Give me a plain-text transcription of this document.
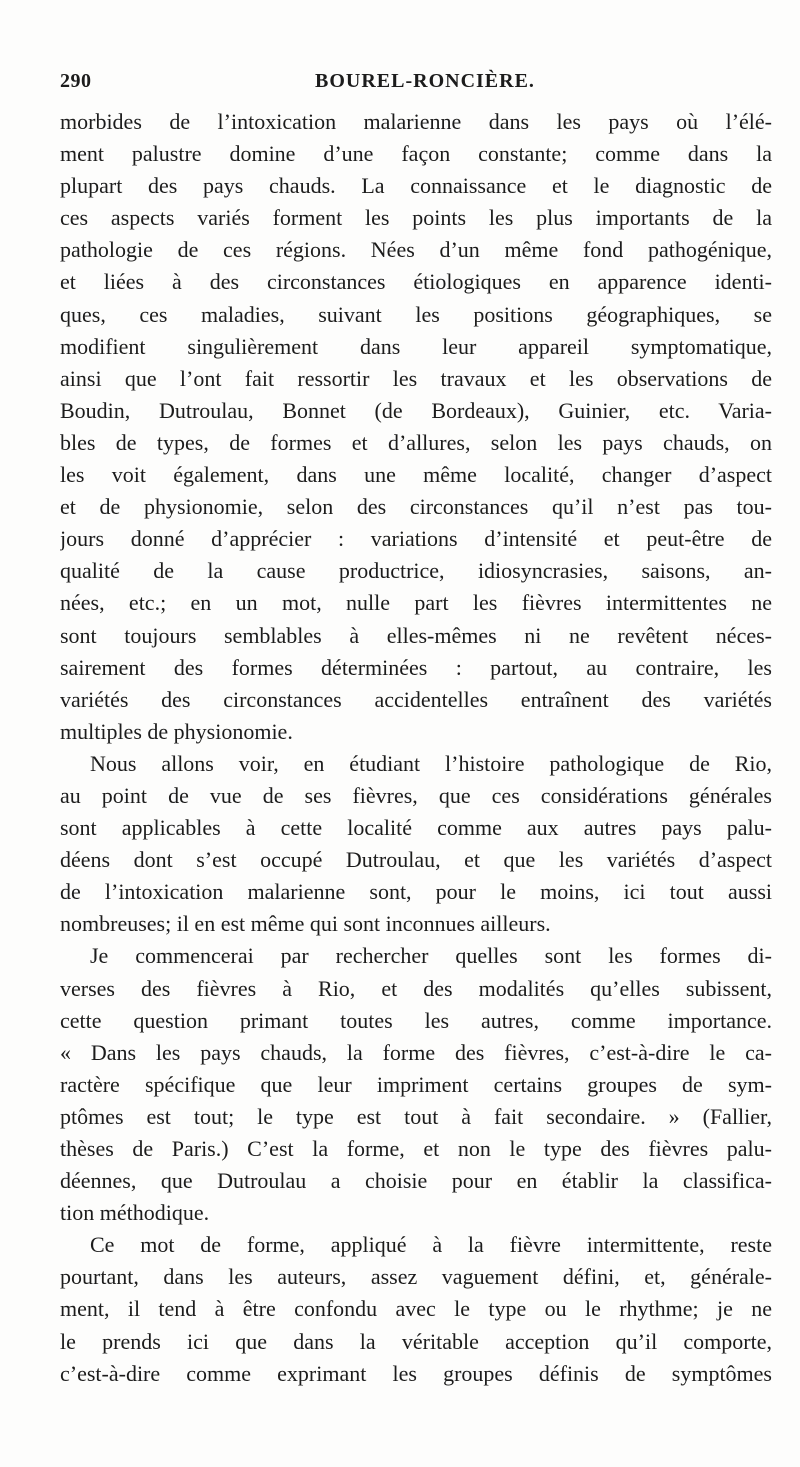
290	BOUREL-RONCIÈRE.
morbides de l’intoxication malarienne dans les pays où l’élé-
ment palustre domine d’une façon constante; comme dans la
plupart des pays chauds. La connaissance et le diagnostic de
ces aspects variés forment les points les plus importants de la
pathologie de ces régions. Nées d’un même fond pathogénique,
et liées à des circonstances étiologiques en apparence identi-
ques, ces maladies, suivant les positions géographiques, se
modifient singulièrement dans leur appareil symptomatique,
ainsi que l’ont fait ressortir les travaux et les observations de
Boudin, Dutroulau, Bonnet (de Bordeaux), Guinier, etc. Varia-
bles de types, de formes et d’allures, selon les pays chauds, on
les voit également, dans une même localité, changer d’aspect
et de physionomie, selon des circonstances qu’il n’est pas tou-
jours donné d’apprécier : variations d’intensité et peut-être de
qualité de la cause productrice, idiosyncrasies, saisons, an-
nées, etc.; en un mot, nulle part les fièvres intermittentes ne
sont toujours semblables à elles-mêmes ni ne revêtent néces-
sairement des formes déterminées : partout, au contraire, les
variétés des circonstances accidentelles entraînent des variétés
multiples de physionomie.
Nous allons voir, en étudiant l’histoire pathologique de Rio,
au point de vue de ses fièvres, que ces considérations générales
sont applicables à cette localité comme aux autres pays palu-
déens dont s’est occupé Dutroulau, et que les variétés d’aspect
de l’intoxication malarienne sont, pour le moins, ici tout aussi
nombreuses; il en est même qui sont inconnues ailleurs.
Je commencerai par rechercher quelles sont les formes di-
verses des fièvres à Rio, et des modalités qu’elles subissent,
cette question primant toutes les autres, comme importance.
« Dans les pays chauds, la forme des fièvres, c’est-à-dire le ca-
ractère spécifique que leur impriment certains groupes de sym-
ptômes est tout; le type est tout à fait secondaire. » (Fallier,
thèses de Paris.) C’est la forme, et non le type des fièvres palu-
déennes, que Dutroulau a choisie pour en établir la classifica-
tion méthodique.
Ce mot de forme, appliqué à la fièvre intermittente, reste
pourtant, dans les auteurs, assez vaguement défini, et, générale-
ment, il tend à être confondu avec le type ou le rhythme; je ne
le prends ici que dans la véritable acception qu’il comporte,
c’est-à-dire comme exprimant les groupes définis de symptômes
